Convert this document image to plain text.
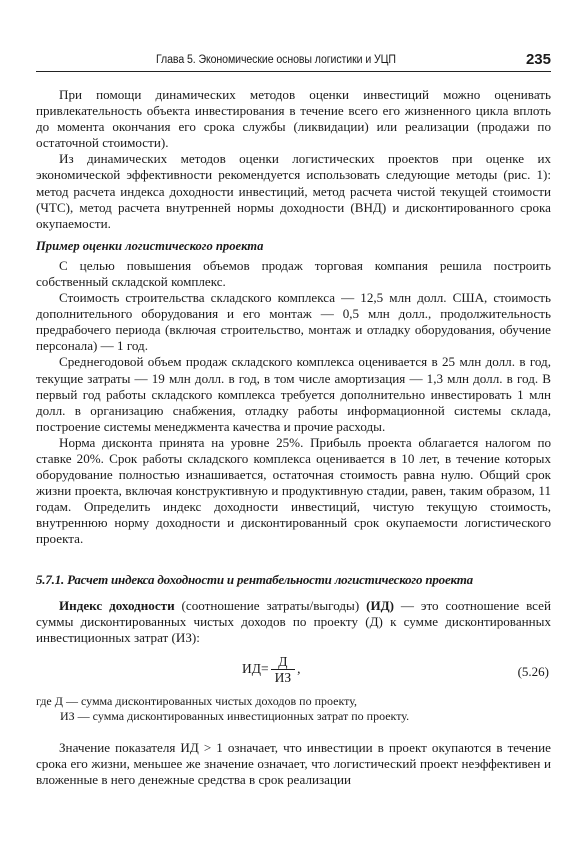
Глава 5. Экономические основы логистики и УЦП	235

При помощи динамических методов оценки инвестиций можно оценивать привлекательность объекта инвестирования в течение всего его жизненного цикла вплоть до момента окончания его срока службы (ликвидации) или реализации (продажи по остаточной стоимости).

Из динамических методов оценки логистических проектов при оценке их экономической эффективности рекомендуется использовать следующие методы (рис. 1): метод расчета индекса доходности инвестиций, метод расчета чистой текущей стоимости (ЧТС), метод расчета внутренней нормы доходности (ВНД) и дисконтированного срока окупаемости.

Пример оценки логистического проекта

С целью повышения объемов продаж торговая компания решила построить собственный складской комплекс.

Стоимость строительства складского комплекса — 12,5 млн долл. США, стоимость дополнительного оборудования и его монтаж — 0,5 млн долл., продолжительность предрабочего периода (включая строительство, монтаж и отладку оборудования, обучение персонала) — 1 год.

Среднегодовой объем продаж складского комплекса оценивается в 25 млн долл. в год, текущие затраты — 19 млн долл. в год, в том числе амортизация — 1,3 млн долл. в год. В первый год работы складского комплекса требуется дополнительно инвестировать 1 млн долл. в организацию снабжения, отладку работы информационной системы склада, построение системы менеджмента качества и прочие расходы.

Норма дисконта принята на уровне 25%. Прибыль проекта облагается налогом по ставке 20%. Срок работы складского комплекса оценивается в 10 лет, в течение которых оборудование полностью изнашивается, остаточная стоимость равна нулю. Общий срок жизни проекта, включая конструктивную и продуктивную стадии, равен, таким образом, 11 годам. Определить индекс доходности инвестиций, чистую текущую стоимость, внутреннюю норму доходности и дисконтированный срок окупаемости логистического проекта.

5.7.1. Расчет индекса доходности и рентабельности логистического проекта

Индекс доходности (соотношение затраты/выгоды) (ИД) — это соотношение всей суммы дисконтированных чистых доходов по проекту (Д) к сумме дисконтированных инвестиционных затрат (ИЗ):

ИД = $\frac{Д}{ИЗ}$ ,	(5.26)

где Д — сумма дисконтированных чистых доходов по проекту,

ИЗ — сумма дисконтированных инвестиционных затрат по проекту.

Значение показателя ИД > 1 означает, что инвестиции в проект окупаются в течение срока его жизни, меньшее же значение означает, что логистический проект неэффективен и вложенные в него денежные средства в срок реализации
